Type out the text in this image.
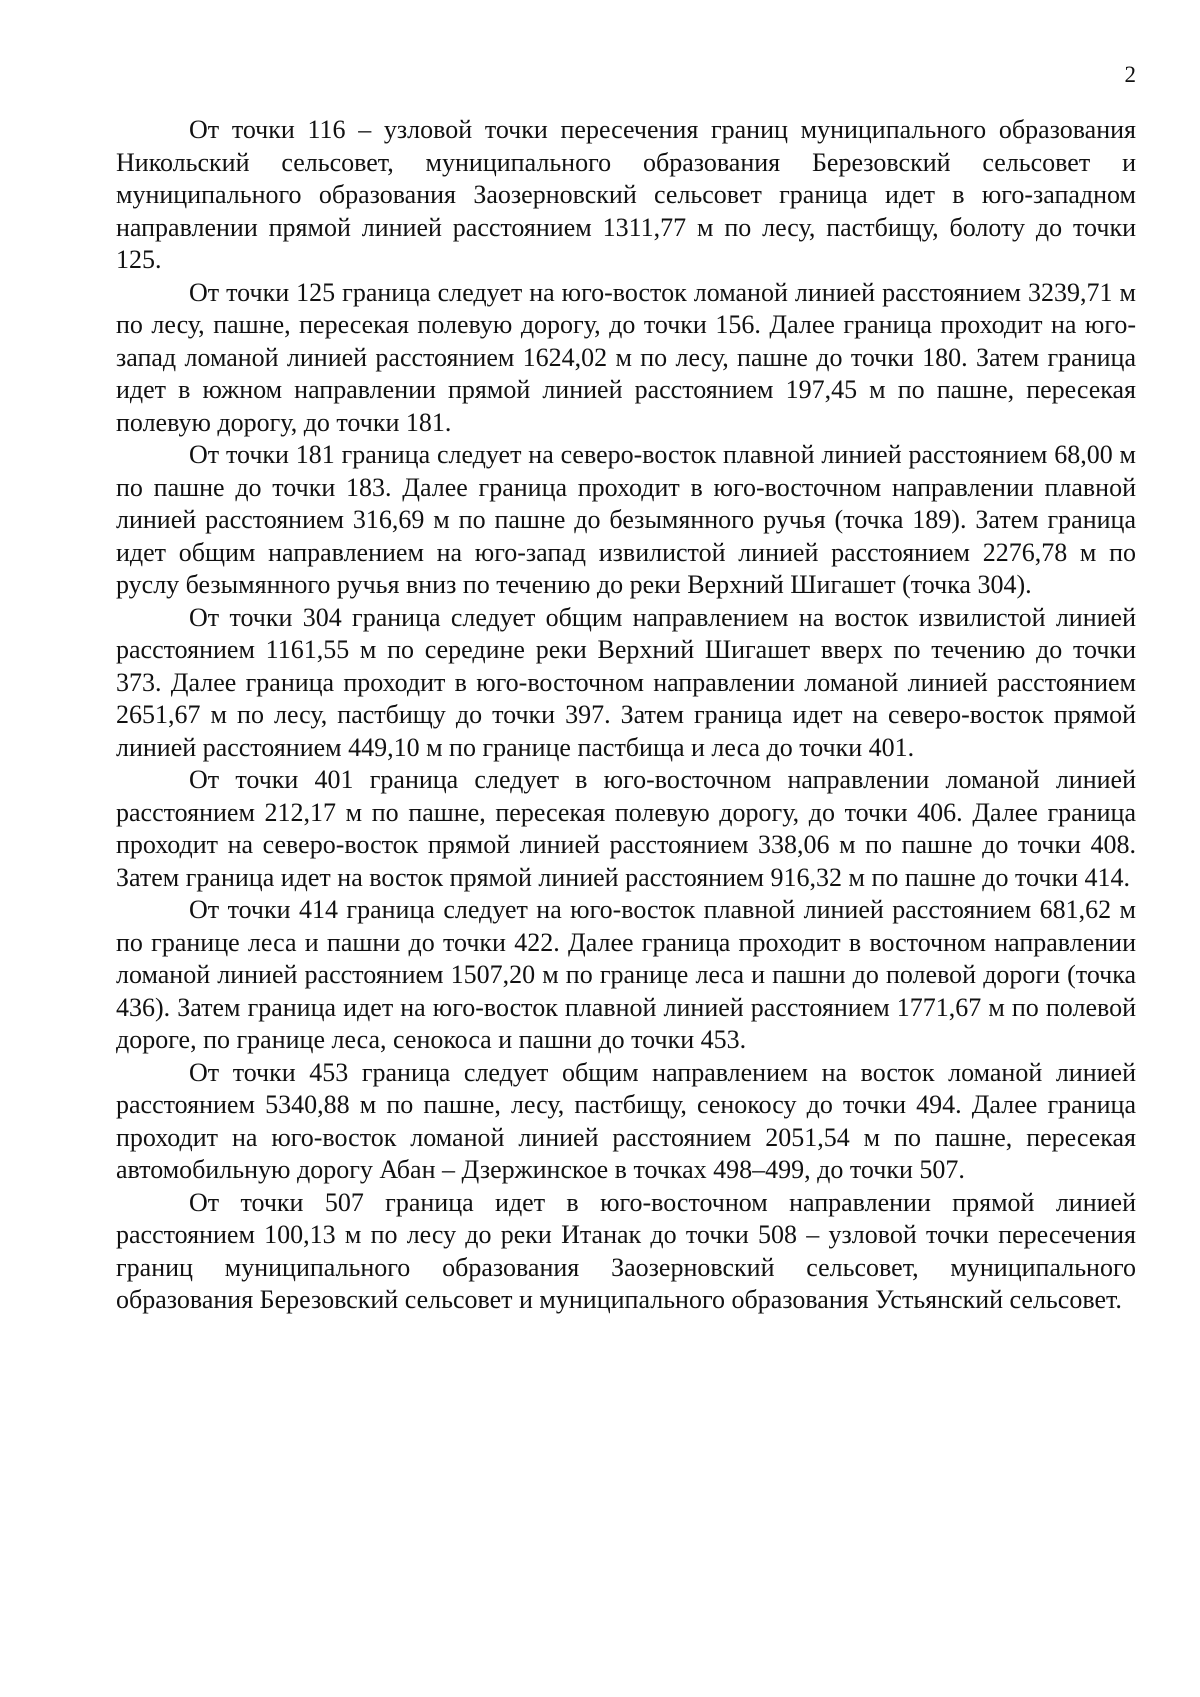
2

От точки 116 – узловой точки пересечения границ муниципального образования Никольский сельсовет, муниципального образования Березовский сельсовет и муниципального образования Заозерновский сельсовет граница идет в юго-западном направлении прямой линией расстоянием 1311,77 м по лесу, пастбищу, болоту до точки 125.

От точки 125 граница следует на юго-восток ломаной линией расстоянием 3239,71 м по лесу, пашне, пересекая полевую дорогу, до точки 156. Далее граница проходит на юго-запад ломаной линией расстоянием 1624,02 м по лесу, пашне до точки 180. Затем граница идет в южном направлении прямой линией расстоянием 197,45 м по пашне, пересекая полевую дорогу, до точки 181.

От точки 181 граница следует на северо-восток плавной линией расстоянием 68,00 м по пашне до точки 183. Далее граница проходит в юго-восточном направлении плавной линией расстоянием 316,69 м по пашне до безымянного ручья (точка 189). Затем граница идет общим направлением на юго-запад извилистой линией расстоянием 2276,78 м по руслу безымянного ручья вниз по течению до реки Верхний Шигашет (точка 304).

От точки 304 граница следует общим направлением на восток извилистой линией расстоянием 1161,55 м по середине реки Верхний Шигашет вверх по течению до точки 373. Далее граница проходит в юго-восточном направлении ломаной линией расстоянием 2651,67 м по лесу, пастбищу до точки 397. Затем граница идет на северо-восток прямой линией расстоянием 449,10 м по границе пастбища и леса до точки 401.

От точки 401 граница следует в юго-восточном направлении ломаной линией расстоянием 212,17 м по пашне, пересекая полевую дорогу, до точки 406. Далее граница проходит на северо-восток прямой линией расстоянием 338,06 м по пашне до точки 408. Затем граница идет на восток прямой линией расстоянием 916,32 м по пашне до точки 414.

От точки 414 граница следует на юго-восток плавной линией расстоянием 681,62 м по границе леса и пашни до точки 422. Далее граница проходит в восточном направлении ломаной линией расстоянием 1507,20 м по границе леса и пашни до полевой дороги (точка 436). Затем граница идет на юго-восток плавной линией расстоянием 1771,67 м по полевой дороге, по границе леса, сенокоса и пашни до точки 453.

От точки 453 граница следует общим направлением на восток ломаной линией расстоянием 5340,88 м по пашне, лесу, пастбищу, сенокосу до точки 494. Далее граница проходит на юго-восток ломаной линией расстоянием 2051,54 м по пашне, пересекая автомобильную дорогу Абан – Дзержинское в точках 498–499, до точки 507.

От точки 507 граница идет в юго-восточном направлении прямой линией расстоянием 100,13 м по лесу до реки Итанак до точки 508 – узловой точки пересечения границ муниципального образования Заозерновский сельсовет, муниципального образования Березовский сельсовет и муниципального образования Устьянский сельсовет.
